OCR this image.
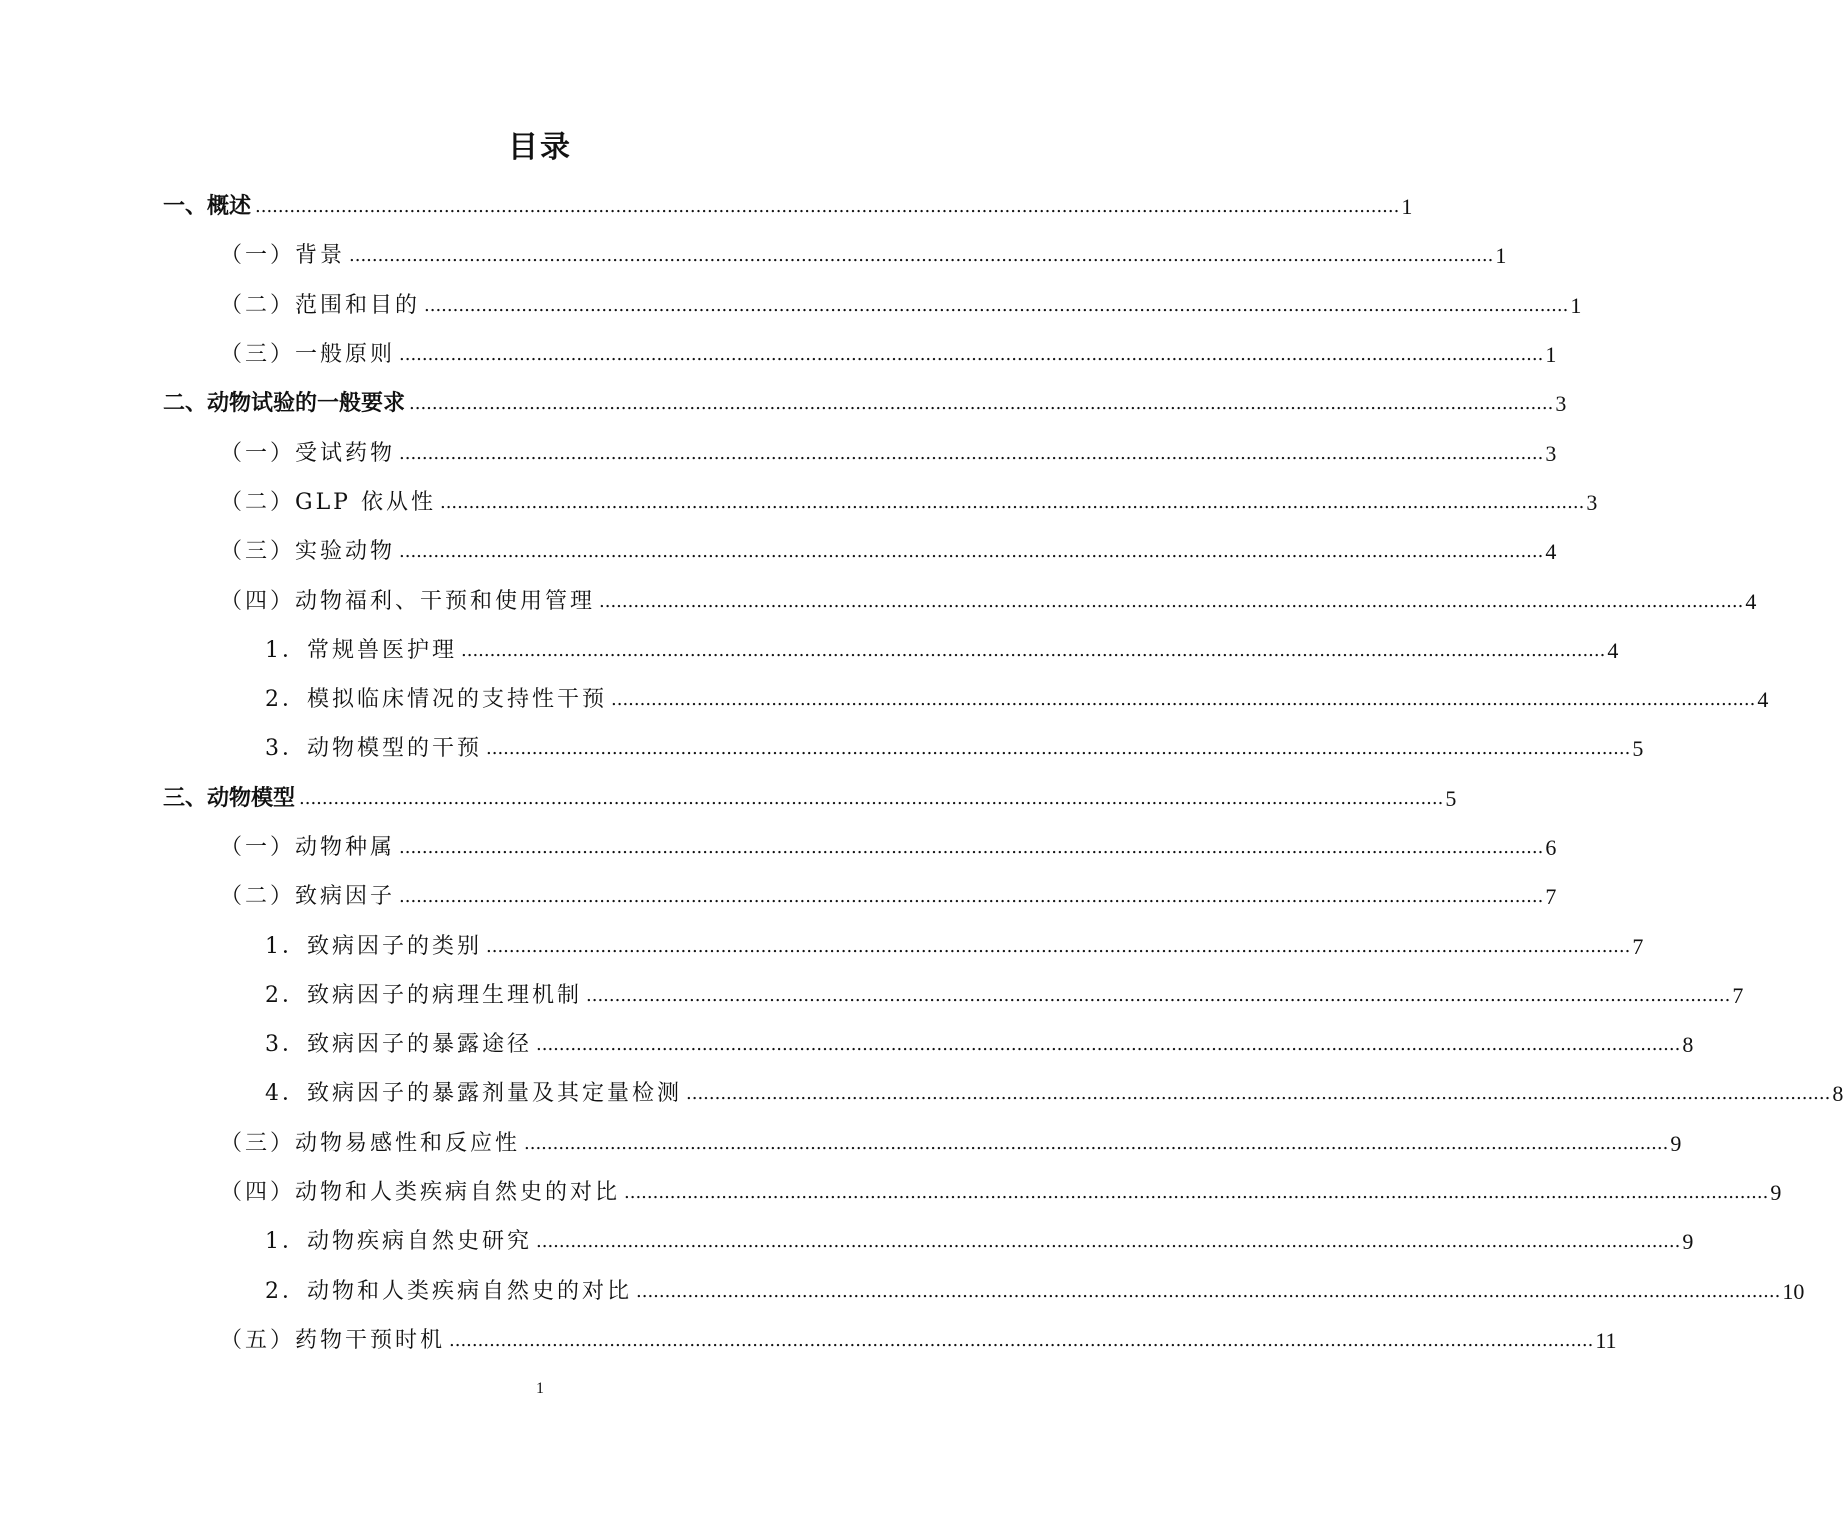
目录
一、概述 ........................................................................................................................................................................................................ 1
（一）背景 ........................................................................................................................................................................................................ 1
（二）范围和目的 ........................................................................................................................................................................................................ 1
（三）一般原则 ........................................................................................................................................................................................................ 1
二、动物试验的一般要求 ........................................................................................................................................................................................................ 3
（一）受试药物 ........................................................................................................................................................................................................ 3
（二）GLP 依从性 ........................................................................................................................................................................................................ 3
（三）实验动物 ........................................................................................................................................................................................................ 4
（四）动物福利、干预和使用管理 ........................................................................................................................................................................................................ 4
1．常规兽医护理 ........................................................................................................................................................................................................ 4
2．模拟临床情况的支持性干预 ........................................................................................................................................................................................................ 4
3．动物模型的干预 ........................................................................................................................................................................................................ 5
三、动物模型 ........................................................................................................................................................................................................ 5
（一）动物种属 ........................................................................................................................................................................................................ 6
（二）致病因子 ........................................................................................................................................................................................................ 7
1．致病因子的类别 ........................................................................................................................................................................................................ 7
2．致病因子的病理生理机制 ........................................................................................................................................................................................................ 7
3．致病因子的暴露途径 ........................................................................................................................................................................................................ 8
4．致病因子的暴露剂量及其定量检测 ........................................................................................................................................................................................................ 8
（三）动物易感性和反应性 ........................................................................................................................................................................................................ 9
（四）动物和人类疾病自然史的对比 ........................................................................................................................................................................................................ 9
1．动物疾病自然史研究 ........................................................................................................................................................................................................ 9
2．动物和人类疾病自然史的对比 ........................................................................................................................................................................................................ 10
（五）药物干预时机 ........................................................................................................................................................................................................ 11
1
